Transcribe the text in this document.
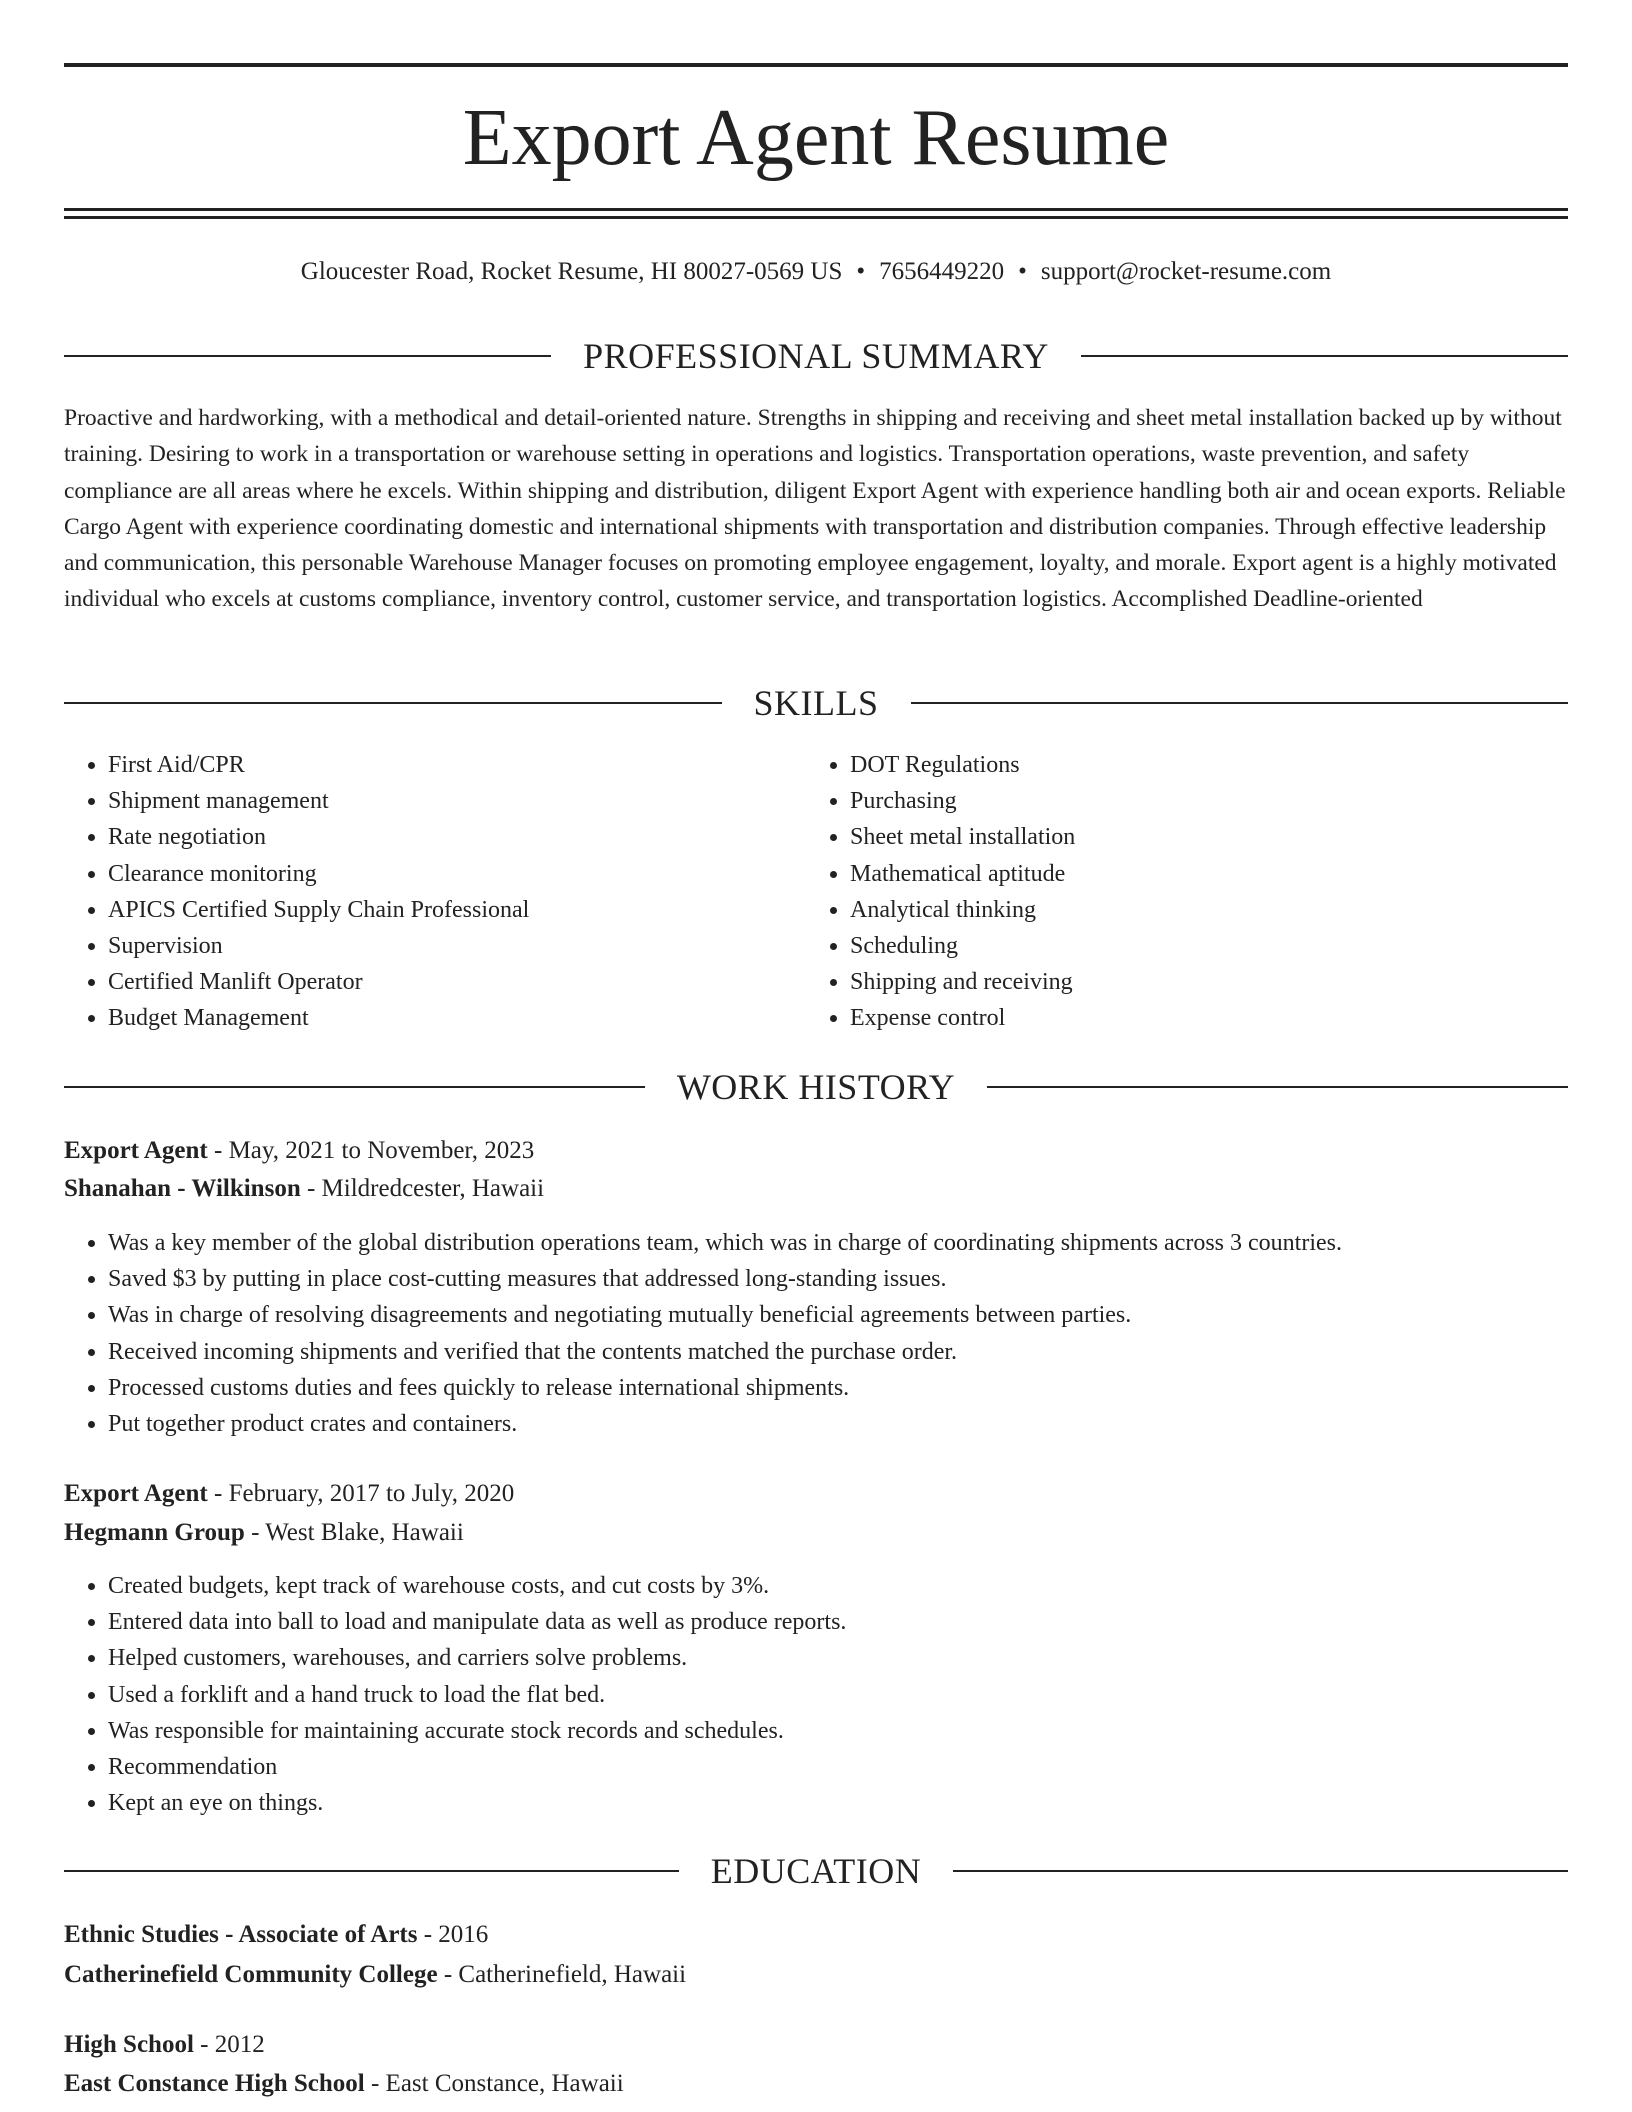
Export Agent Resume
Gloucester Road, Rocket Resume, HI 80027-0569 US • 7656449220 • support@rocket-resume.com
PROFESSIONAL SUMMARY

Proactive and hardworking, with a methodical and detail-oriented nature. Strengths in shipping and receiving and sheet metal installation backed up by without training. Desiring to work in a transportation or warehouse setting in operations and logistics. Transportation operations, waste prevention, and safety compliance are all areas where he excels. Within shipping and distribution, diligent Export Agent with experience handling both air and ocean exports. Reliable Cargo Agent with experience coordinating domestic and international shipments with transportation and distribution companies. Through effective leadership and communication, this personable Warehouse Manager focuses on promoting employee engagement, loyalty, and morale. Export agent is a highly motivated individual who excels at customs compliance, inventory control, customer service, and transportation logistics. Accomplished Deadline-oriented

SKILLS
• First Aid/CPR
• Shipment management
• Rate negotiation
• Clearance monitoring
• APICS Certified Supply Chain Professional
• Supervision
• Certified Manlift Operator
• Budget Management
• DOT Regulations
• Purchasing
• Sheet metal installation
• Mathematical aptitude
• Analytical thinking
• Scheduling
• Shipping and receiving
• Expense control
WORK HISTORY
Export Agent - May, 2021 to November, 2023
Shanahan - Wilkinson - Mildredcester, Hawaii
• Was a key member of the global distribution operations team, which was in charge of coordinating shipments across 3 countries.
• Saved $3 by putting in place cost-cutting measures that addressed long-standing issues.
• Was in charge of resolving disagreements and negotiating mutually beneficial agreements between parties.
• Received incoming shipments and verified that the contents matched the purchase order.
• Processed customs duties and fees quickly to release international shipments.
• Put together product crates and containers.
Export Agent - February, 2017 to July, 2020
Hegmann Group - West Blake, Hawaii
• Created budgets, kept track of warehouse costs, and cut costs by 3%.
• Entered data into ball to load and manipulate data as well as produce reports.
• Helped customers, warehouses, and carriers solve problems.
• Used a forklift and a hand truck to load the flat bed.
• Was responsible for maintaining accurate stock records and schedules.
• Recommendation
• Kept an eye on things.
EDUCATION
Ethnic Studies - Associate of Arts - 2016
Catherinefield Community College - Catherinefield, Hawaii
High School - 2012
East Constance High School - East Constance, Hawaii
